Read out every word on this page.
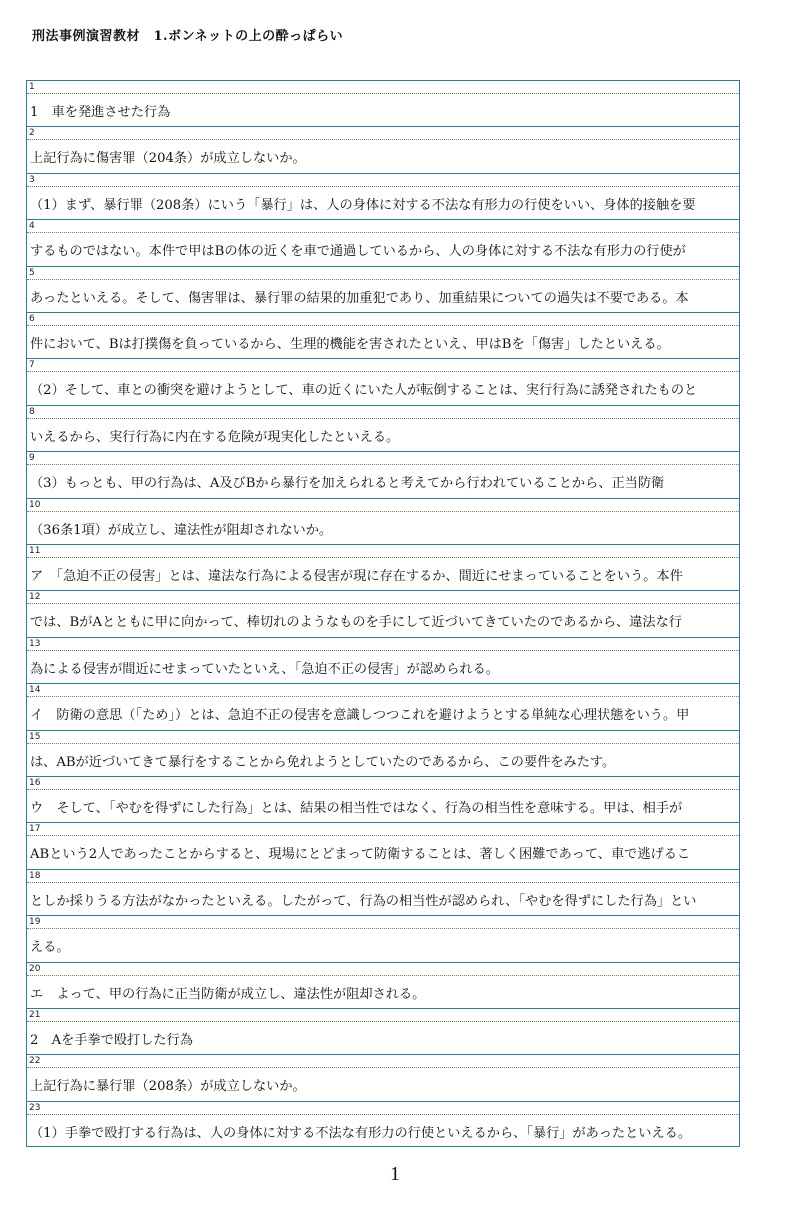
刑法事例演習教材　1.ボンネットの上の酔っぱらい
1
1　車を発進させた行為
2
上記行為に傷害罪（204条）が成立しないか。
3
（1）まず、暴行罪（208条）にいう「暴行」は、人の身体に対する不法な有形力の行使をいい、身体的接触を要
4
するものではない。本件で甲はBの体の近くを車で通過しているから、人の身体に対する不法な有形力の行使が
5
あったといえる。そして、傷害罪は、暴行罪の結果的加重犯であり、加重結果についての過失は不要である。本
6
件において、Bは打撲傷を負っているから、生理的機能を害されたといえ、甲はBを「傷害」したといえる。
7
（2）そして、車との衝突を避けようとして、車の近くにいた人が転倒することは、実行行為に誘発されたものと
8
いえるから、実行行為に内在する危険が現実化したといえる。
9
（3）もっとも、甲の行為は、A及びBから暴行を加えられると考えてから行われていることから、正当防衛
10
（36条1項）が成立し、違法性が阻却されないか。
11
ア　「急迫不正の侵害」とは、違法な行為による侵害が現に存在するか、間近にせまっていることをいう。本件
12
では、BがAとともに甲に向かって、棒切れのようなものを手にして近づいてきていたのであるから、違法な行
13
為による侵害が間近にせまっていたといえ、「急迫不正の侵害」が認められる。
14
イ　防衛の意思（「ため」）とは、急迫不正の侵害を意識しつつこれを避けようとする単純な心理状態をいう。甲
15
は、ABが近づいてきて暴行をすることから免れようとしていたのであるから、この要件をみたす。
16
ウ　そして、「やむを得ずにした行為」とは、結果の相当性ではなく、行為の相当性を意味する。甲は、相手が
17
ABという2人であったことからすると、現場にとどまって防衛することは、著しく困難であって、車で逃げるこ
18
としか採りうる方法がなかったといえる。したがって、行為の相当性が認められ、「やむを得ずにした行為」とい
19
える。
20
エ　よって、甲の行為に正当防衛が成立し、違法性が阻却される。
21
2　Aを手拳で殴打した行為
22
上記行為に暴行罪（208条）が成立しないか。
23
（1）手拳で殴打する行為は、人の身体に対する不法な有形力の行使といえるから、「暴行」があったといえる。
1
